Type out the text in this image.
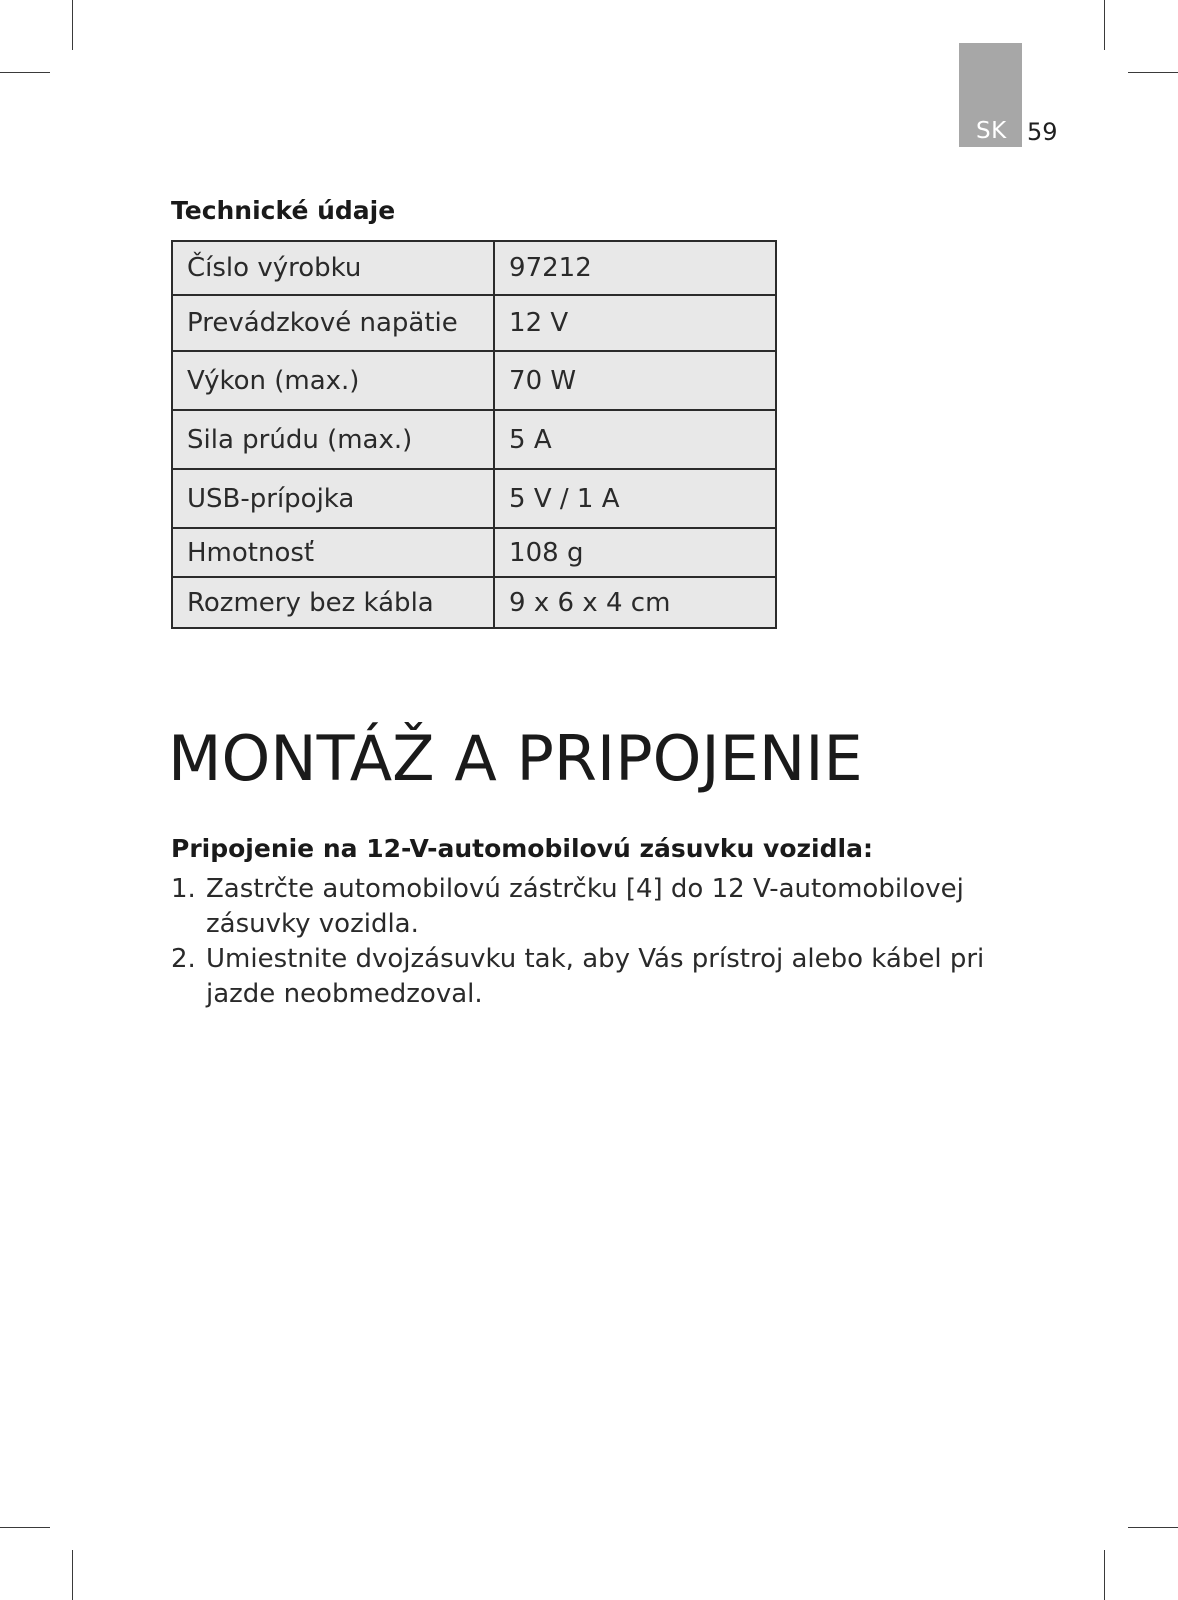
SK 59
Technické údaje
Číslo výrobku	97212
Prevádzkové napätie	12 V
Výkon (max.)	70 W
Sila prúdu (max.)	5 A
USB-prípojka	5 V / 1 A
Hmotnosť	108 g
Rozmery bez kábla	9 x 6 x 4 cm
MONTÁŽ A PRIPOJENIE
Pripojenie na 12-V-automobilovú zásuvku vozidla:
1. Zastrčte automobilovú zástrčku [4] do 12 V-automobilovej zásuvky vozidla.
2. Umiestnite dvojzásuvku tak, aby Vás prístroj alebo kábel pri jazde neobmedzoval.
